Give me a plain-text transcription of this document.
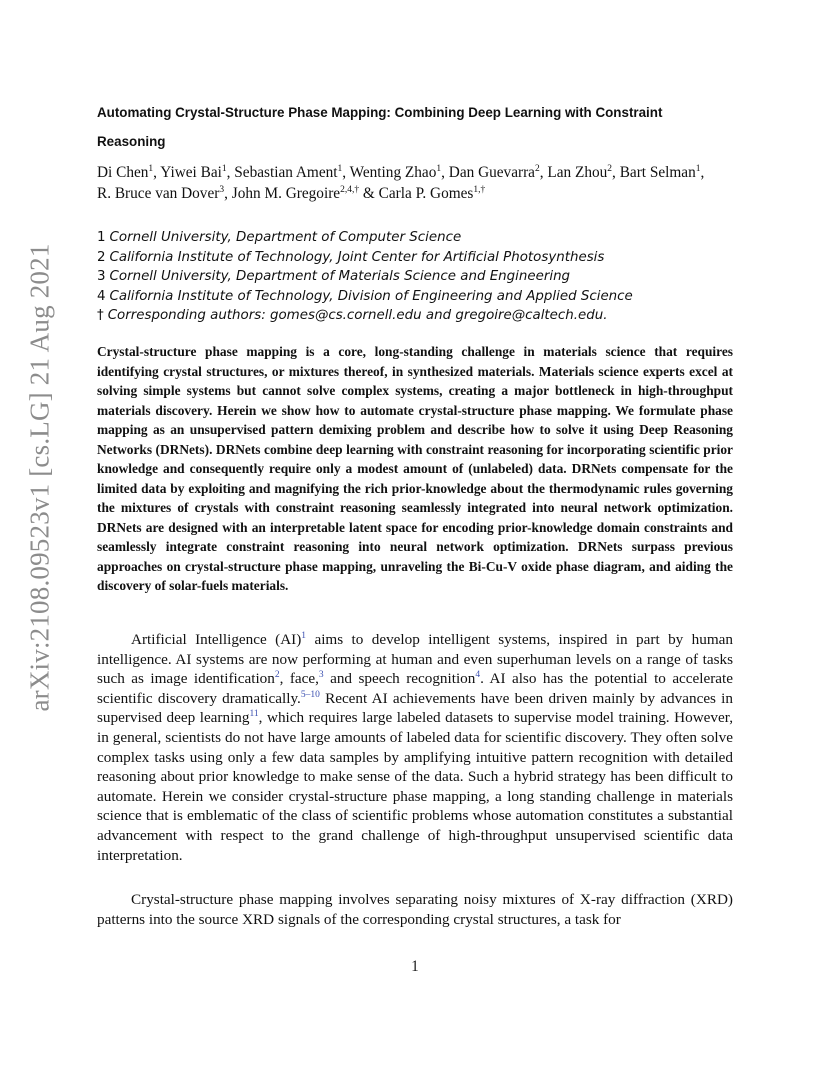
arXiv:2108.09523v1 [cs.LG] 21 Aug 2021
Automating Crystal-Structure Phase Mapping: Combining Deep Learning with Constraint Reasoning
Di Chen$^1$, Yiwei Bai$^1$, Sebastian Ament$^1$, Wenting Zhao$^1$, Dan Guevarra$^2$, Lan Zhou$^2$, Bart Selman$^1$,
R. Bruce van Dover$^3$, John M. Gregoire$^{2,4,\dagger}$ & Carla P. Gomes$^{1,\dagger}$
1 Cornell University, Department of Computer Science
2 California Institute of Technology, Joint Center for Artificial Photosynthesis
3 Cornell University, Department of Materials Science and Engineering
4 California Institute of Technology, Division of Engineering and Applied Science
† Corresponding authors: gomes@cs.cornell.edu and gregoire@caltech.edu.
Crystal-structure phase mapping is a core, long-standing challenge in materials science that requires identifying crystal structures, or mixtures thereof, in synthesized materials. Materials science experts excel at solving simple systems but cannot solve complex systems, creating a major bottleneck in high-throughput materials discovery. Herein we show how to automate crystal-structure phase mapping. We formulate phase mapping as an unsupervised pattern demixing problem and describe how to solve it using Deep Reasoning Networks (DRNets). DRNets combine deep learning with constraint reasoning for incorporating scientific prior knowledge and consequently require only a modest amount of (unlabeled) data. DRNets compensate for the limited data by exploiting and magnifying the rich prior-knowledge about the thermodynamic rules governing the mixtures of crystals with constraint reasoning seamlessly integrated into neural network optimization. DRNets are designed with an interpretable latent space for encoding prior-knowledge domain constraints and seamlessly integrate constraint reasoning into neural network optimization. DRNets surpass previous approaches on crystal-structure phase mapping, unraveling the Bi-Cu-V oxide phase diagram, and aiding the discovery of solar-fuels materials.
Artificial Intelligence (AI)$^1$ aims to develop intelligent systems, inspired in part by human intelligence. AI systems are now performing at human and even superhuman levels on a range of tasks such as image identification$^2$, face,$^3$ and speech recognition$^4$. AI also has the potential to accelerate scientific discovery dramatically.$^{5-10}$ Recent AI achievements have been driven mainly by advances in supervised deep learning$^{11}$, which requires large labeled datasets to supervise model training. However, in general, scientists do not have large amounts of labeled data for scientific discovery. They often solve complex tasks using only a few data samples by amplifying intuitive pattern recognition with detailed reasoning about prior knowledge to make sense of the data. Such a hybrid strategy has been difficult to automate. Herein we consider crystal-structure phase mapping, a long standing challenge in materials science that is emblematic of the class of scientific problems whose automation constitutes a substantial advancement with respect to the grand challenge of high-throughput unsupervised scientific data interpretation.
Crystal-structure phase mapping involves separating noisy mixtures of X-ray diffraction (XRD) patterns into the source XRD signals of the corresponding crystal structures, a task for
1
